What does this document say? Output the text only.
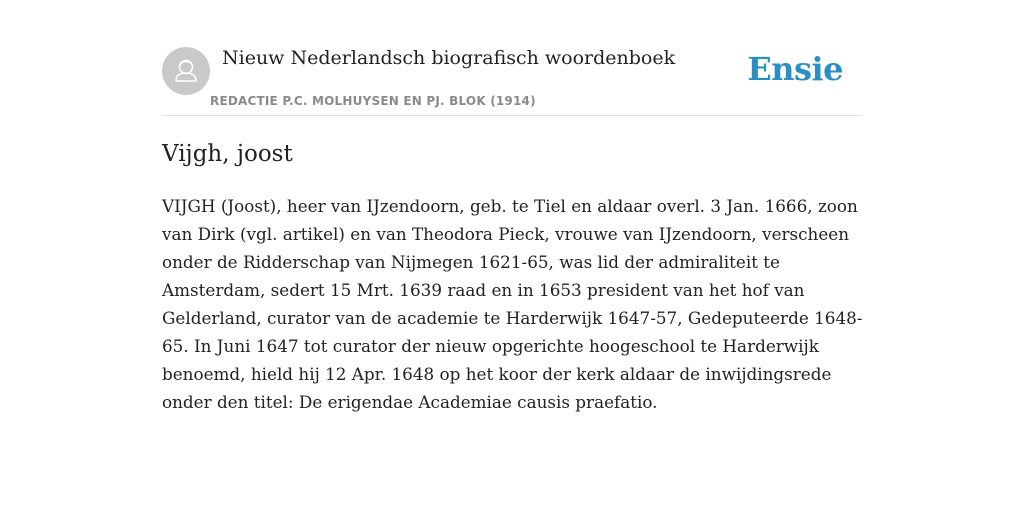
Nieuw Nederlandsch biografisch woordenboek
REDACTIE P.C. MOLHUYSEN EN PJ. BLOK (1914)
Ensie
Vijgh, joost

VIJGH (Joost), heer van IJzendoorn, geb. te Tiel en aldaar overl. 3 Jan. 1666, zoon
van Dirk (vgl. artikel) en van Theodora Pieck, vrouwe van IJzendoorn, verscheen
onder de Ridderschap van Nijmegen 1621-65, was lid der admiraliteit te
Amsterdam, sedert 15 Mrt. 1639 raad en in 1653 president van het hof van
Gelderland, curator van de academie te Harderwijk 1647-57, Gedeputeerde 1648-
65. In Juni 1647 tot curator der nieuw opgerichte hoogeschool te Harderwijk
benoemd, hield hij 12 Apr. 1648 op het koor der kerk aldaar de inwijdingsrede
onder den titel: De erigendae Academiae causis praefatio.
